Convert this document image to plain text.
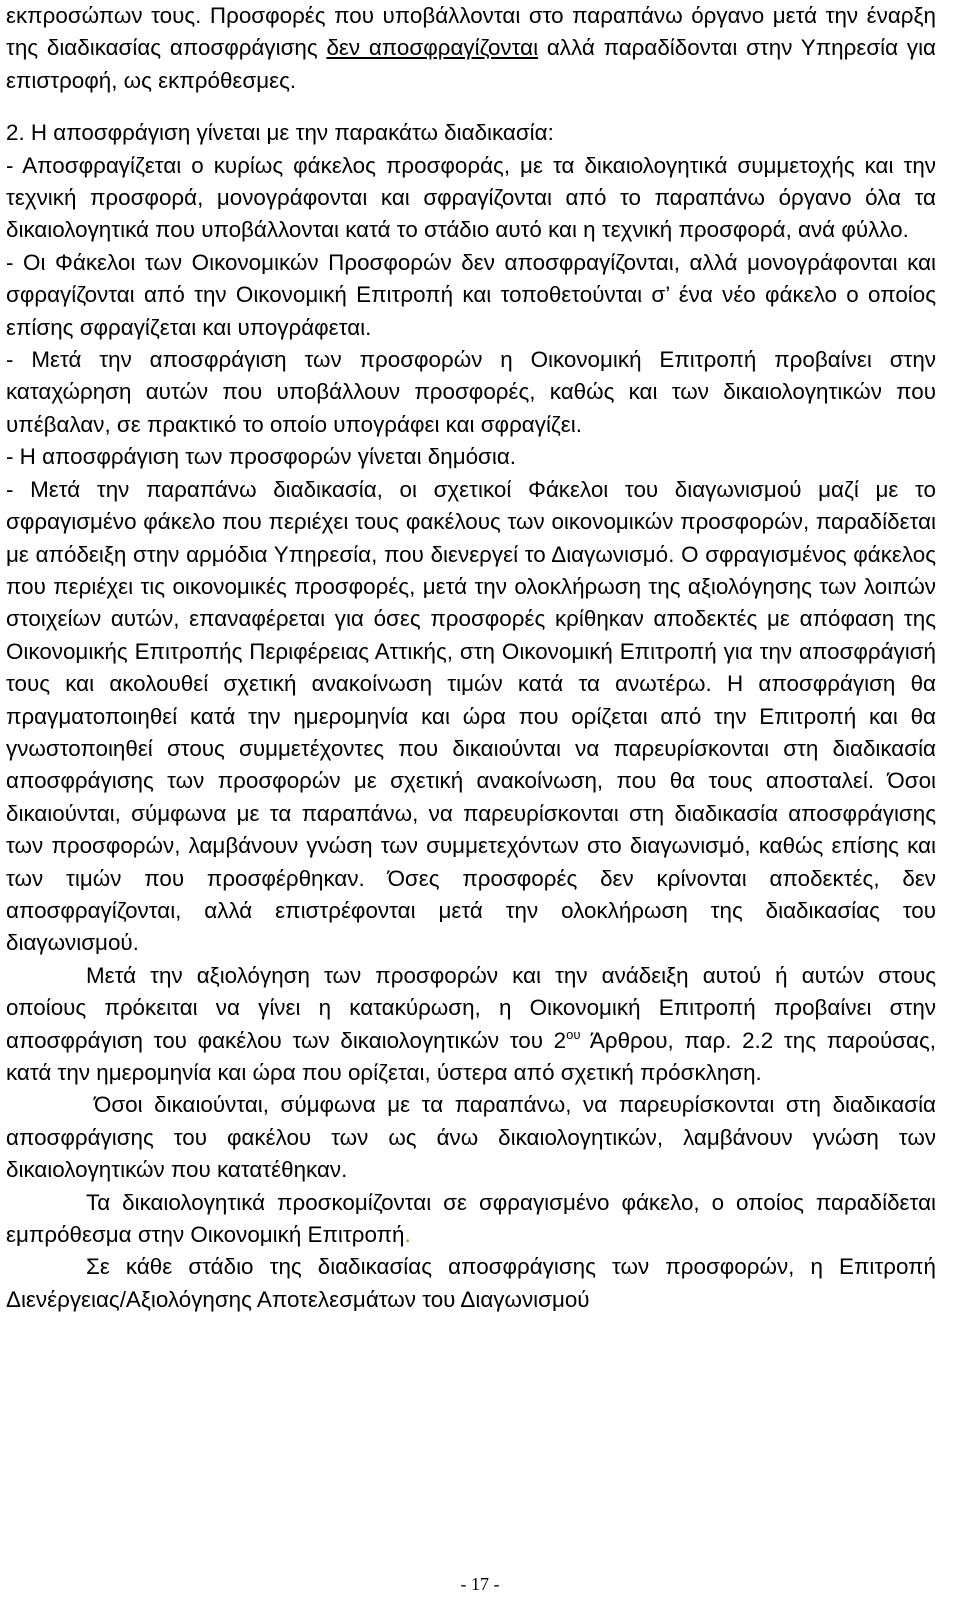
εκπροσώπων τους. Προσφορές που υποβάλλονται στο παραπάνω όργανο μετά την έναρξη της διαδικασίας αποσφράγισης δεν αποσφραγίζονται αλλά παραδίδονται στην Υπηρεσία για επιστροφή, ως εκπρόθεσμες.

2. Η αποσφράγιση γίνεται με την παρακάτω διαδικασία:

- Αποσφραγίζεται ο κυρίως φάκελος προσφοράς, με τα δικαιολογητικά συμμετοχής και την τεχνική προσφορά, μονογράφονται και σφραγίζονται από το παραπάνω όργανο όλα τα δικαιολογητικά που υποβάλλονται κατά το στάδιο αυτό και η τεχνική προσφορά, ανά φύλλο.

- Οι Φάκελοι των Οικονομικών Προσφορών δεν αποσφραγίζονται, αλλά μονογράφονται και σφραγίζονται από την Οικονομική Επιτροπή και τοποθετούνται σ’ ένα νέο φάκελο ο οποίος επίσης σφραγίζεται και υπογράφεται.

- Μετά την αποσφράγιση των προσφορών η Οικονομική Επιτροπή προβαίνει στην καταχώρηση αυτών που υποβάλλουν προσφορές, καθώς και των δικαιολογητικών που υπέβαλαν, σε πρακτικό το οποίο υπογράφει και σφραγίζει.

- Η αποσφράγιση των προσφορών γίνεται δημόσια.

- Μετά την παραπάνω διαδικασία, οι σχετικοί Φάκελοι του διαγωνισμού μαζί με το σφραγισμένο φάκελο που περιέχει τους φακέλους των οικονομικών προσφορών, παραδίδεται με απόδειξη στην αρμόδια Υπηρεσία, που διενεργεί το Διαγωνισμό. Ο σφραγισμένος φάκελος που περιέχει τις οικονομικές προσφορές, μετά την ολοκλήρωση της αξιολόγησης των λοιπών στοιχείων αυτών, επαναφέρεται για όσες προσφορές κρίθηκαν αποδεκτές με απόφαση της Οικονομικής Επιτροπής Περιφέρειας Αττικής, στη Οικονομική Επιτροπή για την αποσφράγισή τους και ακολουθεί σχετική ανακοίνωση τιμών κατά τα ανωτέρω. Η αποσφράγιση θα πραγματοποιηθεί κατά την ημερομηνία και ώρα που ορίζεται από την Επιτροπή και θα γνωστοποιηθεί στους συμμετέχοντες που δικαιούνται να παρευρίσκονται στη διαδικασία αποσφράγισης των προσφορών με σχετική ανακοίνωση, που θα τους αποσταλεί. Όσοι δικαιούνται, σύμφωνα με τα παραπάνω, να παρευρίσκονται στη διαδικασία αποσφράγισης των προσφορών, λαμβάνουν γνώση των συμμετεχόντων στο διαγωνισμό, καθώς επίσης και των τιμών που προσφέρθηκαν. Όσες προσφορές δεν κρίνονται αποδεκτές, δεν αποσφραγίζονται, αλλά επιστρέφονται μετά την ολοκλήρωση της διαδικασίας του διαγωνισμού.

Μετά την αξιολόγηση των προσφορών και την ανάδειξη αυτού ή αυτών στους οποίους πρόκειται να γίνει η κατακύρωση, η Οικονομική Επιτροπή προβαίνει στην αποσφράγιση του φακέλου των δικαιολογητικών του $2^{o\upsilon}$ Άρθρου, παρ. 2.2 της παρούσας, κατά την ημερομηνία και ώρα που ορίζεται, ύστερα από σχετική πρόσκληση.

Όσοι δικαιούνται, σύμφωνα με τα παραπάνω, να παρευρίσκονται στη διαδικασία αποσφράγισης του φακέλου των ως άνω δικαιολογητικών, λαμβάνουν γνώση των δικαιολογητικών που κατατέθηκαν.

Τα δικαιολογητικά προσκομίζονται σε σφραγισμένο φάκελο, ο οποίος παραδίδεται εμπρόθεσμα στην Οικονομική Επιτροπή.

Σε κάθε στάδιο της διαδικασίας αποσφράγισης των προσφορών, η Επιτροπή Διενέργειας/Αξιολόγησης Αποτελεσμάτων του Διαγωνισμού

- 17 -
